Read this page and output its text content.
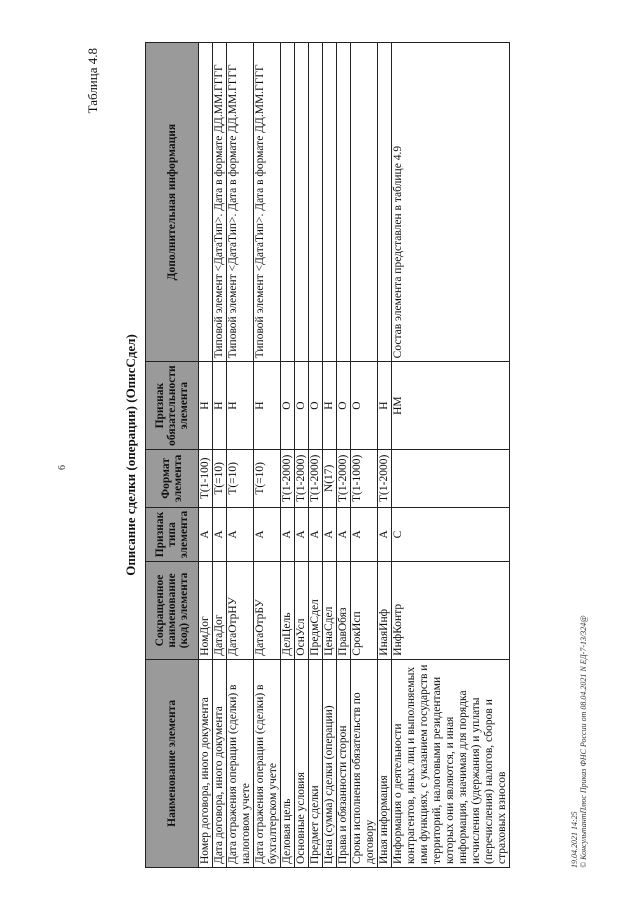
6
Таблица 4.8
Описание сделки (операции) (ОписСдел)
Наименование элемента	Сокращенное наименование (код) элемента	Признак типа элемента	Формат элемента	Признак обязательности элемента	Дополнительная информация
Номер договора, иного документа	НомДог	А	Т(1-100)	Н	
Дата договора, иного документа	ДатаДог	А	Т(=10)	Н	Типовой элемент <ДатаТип>. Дата в формате ДД.ММ.ГГГГ
Дата отражения операции (сделки) в налоговом учете	ДатаОтрНУ	А	Т(=10)	Н	Типовой элемент <ДатаТип>. Дата в формате ДД.ММ.ГГГГ
Дата отражения операции (сделки) в бухгалтерском учете	ДатаОтрБУ	А	Т(=10)	Н	Типовой элемент <ДатаТип>. Дата в формате ДД.ММ.ГГГГ
Деловая цель	ДелЦель	А	Т(1-2000)	О	
Основные условия	ОснУсл	А	Т(1-2000)	О	
Предмет сделки	ПредмСдел	А	Т(1-2000)	О	
Цена (сумма) сделки (операции)	ЦенаСдел	А	N(17)	Н	
Права и обязанности сторон	ПравОбяз	А	Т(1-2000)	О	
Сроки исполнения обязательств по договору	СрокИсп	А	Т(1-1000)	О	
Иная информация	ИнаяИнф	А	Т(1-2000)	Н	
Информация о деятельности контрагентов, иных лиц и выполняемых ими функциях, с указанием государств и территорий, налоговыми резидентами которых они являются, и иная информация, значимая для порядка исчисления (удержания) и уплаты (перечисления) налогов, сборов и страховых взносов	ИнфКонтр	С		НМ	Состав элемента представлен в таблице 4.9
19.04.2021 14:25 © КонсультантПлюс Приказ ФНС России от 08.04.2021 N ЕД-7-13/324@
